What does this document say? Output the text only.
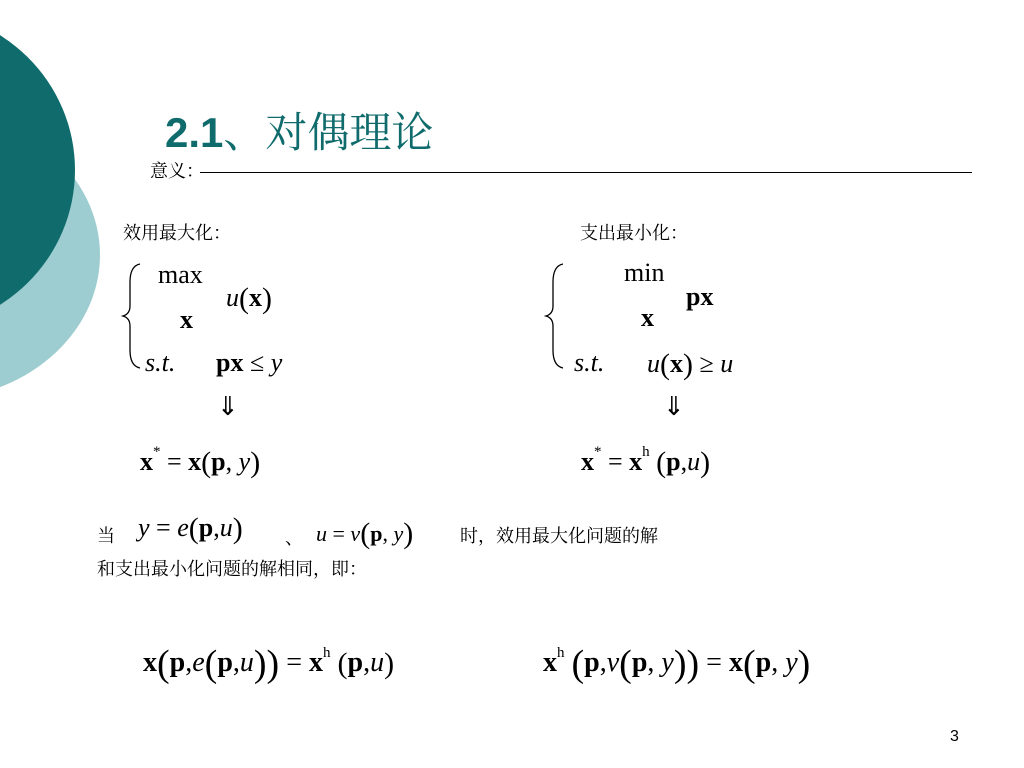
2.1、对偶理论
意义：
效用最大化：	支出最小化：
max
x
u(x)
s.t. px ≤ y
⇓
x* = x(p, y)
min
x
px
s.t. u(x) ≥ u
⇓
$x^* = x^h$ (p,u)
当 y = e(p,u) 、 u = v(p, y)	时，效用最大化问题的解
和支出最小化问题的解相同，即：
$x(p,e(p,u)) = x^h$ (p,u)	$x^h$ (p,v(p, y)) = x(p, y)
3
